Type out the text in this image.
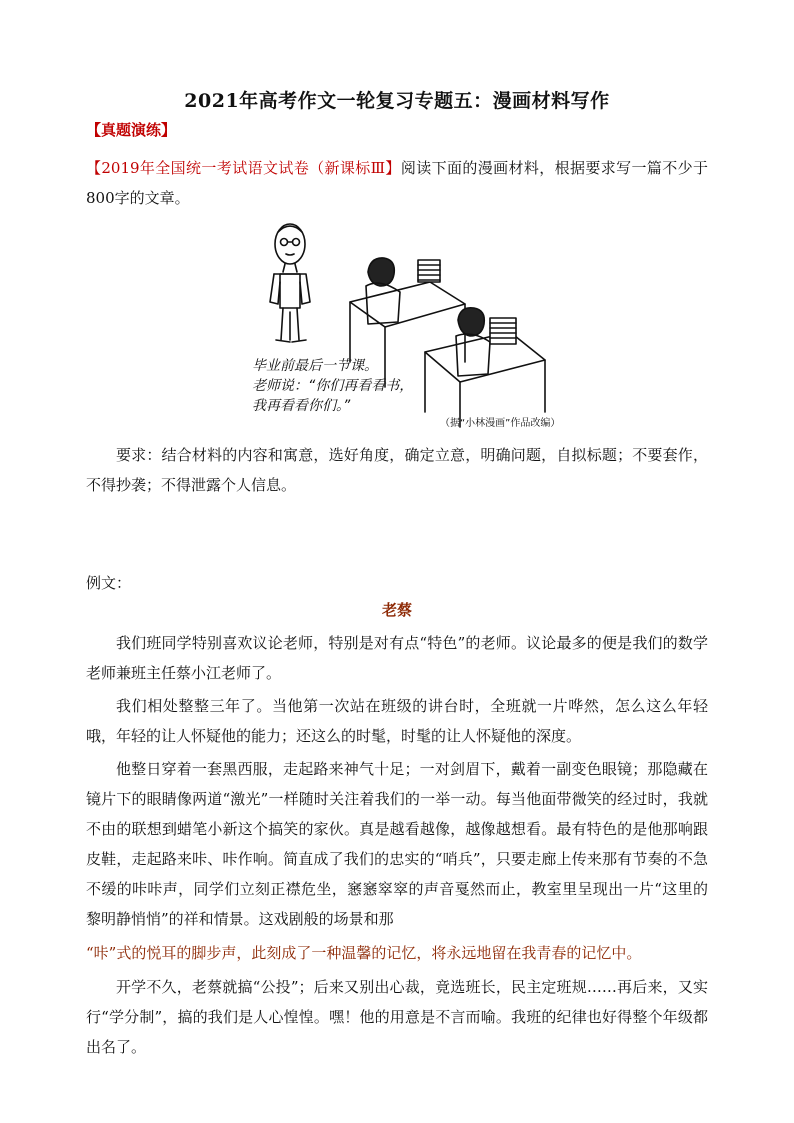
2021年高考作文一轮复习专题五：漫画材料写作
【真题演练】

【2019年全国统一考试语文试卷（新课标Ⅲ】阅读下面的漫画材料，根据要求写一篇不少于800字的文章。

毕业前最后一节课。
老师说：“你们再看看书，
我再看看你们。”
（据“小林漫画”作品改编）

要求：结合材料的内容和寓意，选好角度，确定立意，明确问题，自拟标题；不要套作，不得抄袭；不得泄露个人信息。

例文：

老蔡

我们班同学特别喜欢议论老师，特别是对有点“特色”的老师。议论最多的便是我们的数学老师兼班主任蔡小江老师了。

我们相处整整三年了。当他第一次站在班级的讲台时，全班就一片哗然，怎么这么年轻哦，年轻的让人怀疑他的能力；还这么的时髦，时髦的让人怀疑他的深度。

他整日穿着一套黑西服，走起路来神气十足；一对剑眉下，戴着一副变色眼镜；那隐藏在镜片下的眼睛像两道“激光”一样随时关注着我们的一举一动。每当他面带微笑的经过时，我就不由的联想到蜡笔小新这个搞笑的家伙。真是越看越像，越像越想看。最有特色的是他那响跟皮鞋，走起路来咔、咔作响。简直成了我们的忠实的“哨兵”，只要走廊上传来那有节奏的不急不缓的咔咔声，同学们立刻正襟危坐，窸窸窣窣的声音戛然而止，教室里呈现出一片“这里的黎明静悄悄”的祥和情景。这戏剧般的场景和那

“咔”式的悦耳的脚步声，此刻成了一种温馨的记忆，将永远地留在我青春的记忆中。

开学不久，老蔡就搞“公投”；后来又别出心裁，竟选班长，民主定班规……再后来，又实行“学分制”，搞的我们是人心惶惶。嘿！他的用意是不言而喻。我班的纪律也好得整个年级都出名了。
